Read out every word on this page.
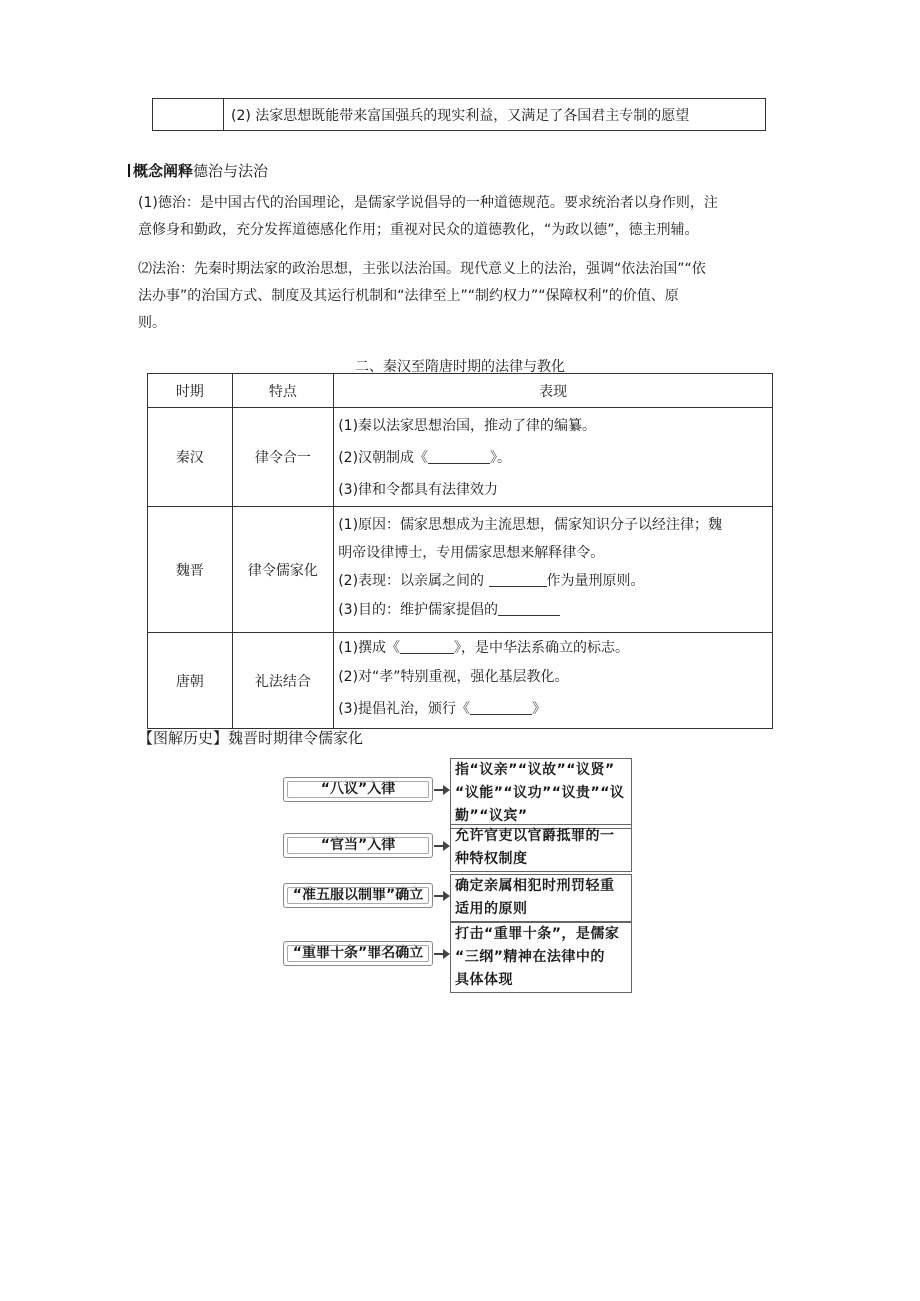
(2) 法家思想既能带来富国强兵的现实利益，又满足了各国君主专制的愿望
概念阐释德治与法治
(1)德治：是中国古代的治国理论，是儒家学说倡导的一种道德规范。要求统治者以身作则，注
意修身和勤政，充分发挥道德感化作用；重视对民众的道德教化，“为政以德”，德主刑辅。
⑵法治：先秦时期法家的政治思想，主张以法治国。现代意义上的法治，强调“依法治国”“依
法办事”的治国方式、制度及其运行机制和“法律至上”“制约权力”“保障权利”的价值、原
则。
二、秦汉至隋唐时期的法律与教化
时期	特点	表现
秦汉	律令合一	(1)秦以法家思想治国，推动了律的编纂。
(2)汉朝制成《 》。
(3)律和令都具有法律效力

魏晋	律令儒家化	(1)原因：儒家思想成为主流思想，儒家知识分子以经注律；魏
明帝设律博士，专用儒家思想来解释律令。
(2)表现：以亲属之间的 作为量刑原则。
(3)目的：维护儒家提倡的

唐朝	礼法结合	(1)撰成《 》，是中华法系确立的标志。
(2)对“孝”特别重视，强化基层教化。
(3)提倡礼治，颁行《 》
【图解历史】魏晋时期律令儒家化
“八议”入律
指“议亲”“议故”“议贤”
“议能”“议功”“议贵”“议
勤”“议宾”
“官当”入律
允许官吏以官爵抵罪的一
种特权制度
“准五服以制罪”确立
确定亲属相犯时刑罚轻重
适用的原则
“重罪十条”罪名确立
打击“重罪十条”，是儒家
“三纲”精神在法律中的
具体体现
